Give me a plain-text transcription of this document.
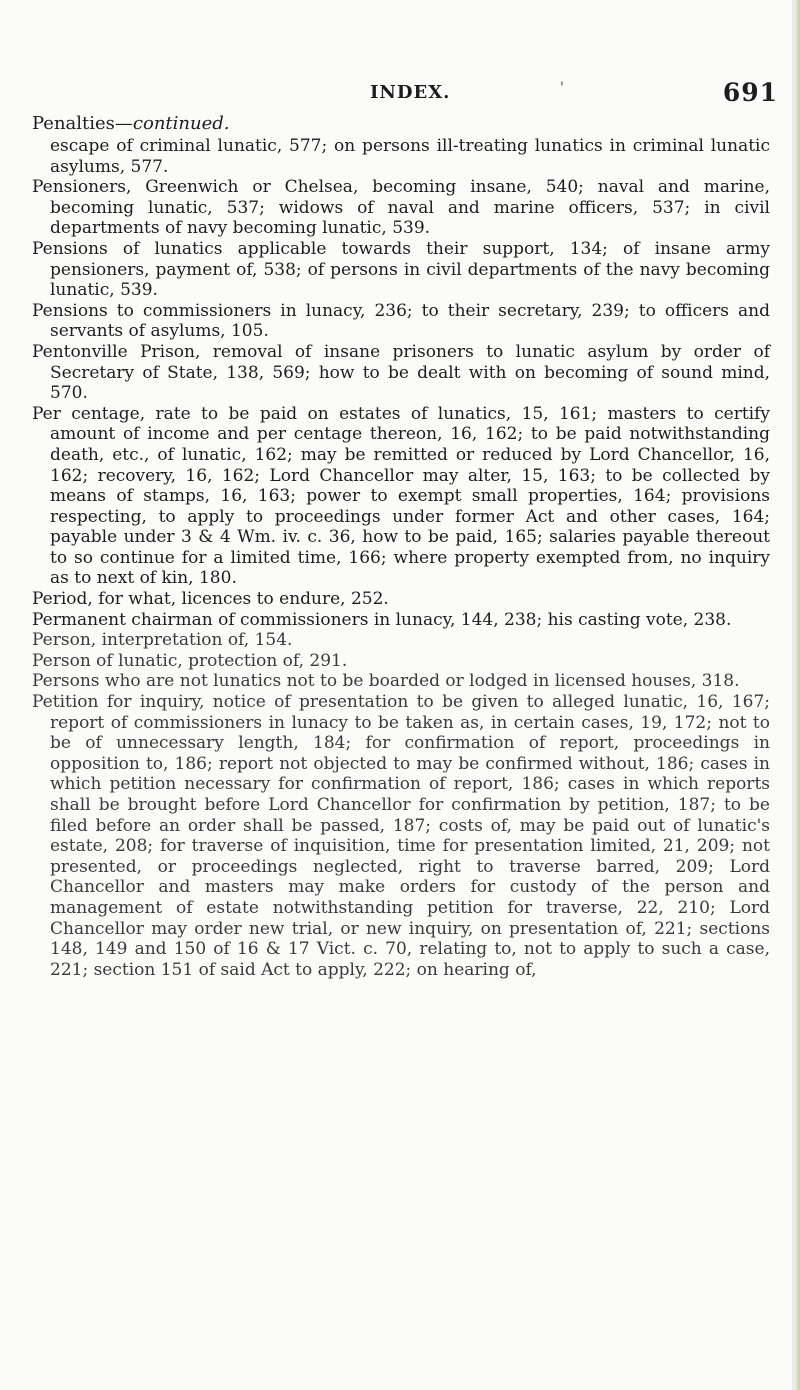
INDEX.	'	691

Penalties—continued.

escape of criminal lunatic, 577; on persons ill-treating lunatics in criminal lunatic asylums, 577.

Pensioners, Greenwich or Chelsea, becoming insane, 540; naval and marine, becoming lunatic, 537; widows of naval and marine officers, 537; in civil departments of navy becoming lunatic, 539.

Pensions of lunatics applicable towards their support, 134; of insane army pensioners, payment of, 538; of persons in civil departments of the navy becoming lunatic, 539.

Pensions to commissioners in lunacy, 236; to their secretary, 239; to officers and servants of asylums, 105.

Pentonville Prison, removal of insane prisoners to lunatic asylum by order of Secretary of State, 138, 569; how to be dealt with on becoming of sound mind, 570.

Per centage, rate to be paid on estates of lunatics, 15, 161; masters to certify amount of income and per centage thereon, 16, 162; to be paid notwithstanding death, etc., of lunatic, 162; may be remitted or reduced by Lord Chancellor, 16, 162; recovery, 16, 162; Lord Chancellor may alter, 15, 163; to be collected by means of stamps, 16, 163; power to exempt small properties, 164; provisions respecting, to apply to proceedings under former Act and other cases, 164; payable under 3 & 4 Wm. iv. c. 36, how to be paid, 165; salaries payable thereout to so continue for a limited time, 166; where property exempted from, no inquiry as to next of kin, 180.

Period, for what, licences to endure, 252.

Permanent chairman of commissioners in lunacy, 144, 238; his casting vote, 238.

Person, interpretation of, 154.

Person of lunatic, protection of, 291.

Persons who are not lunatics not to be boarded or lodged in licensed houses, 318.

Petition for inquiry, notice of presentation to be given to alleged lunatic, 16, 167; report of commissioners in lunacy to be taken as, in certain cases, 19, 172; not to be of unnecessary length, 184; for confirmation of report, proceedings in opposition to, 186; report not objected to may be confirmed without, 186; cases in which petition necessary for confirmation of report, 186; cases in which reports shall be brought before Lord Chancellor for confirmation by petition, 187; to be filed before an order shall be passed, 187; costs of, may be paid out of lunatic's estate, 208; for traverse of inquisition, time for presentation limited, 21, 209; not presented, or proceedings neglected, right to traverse barred, 209; Lord Chancellor and masters may make orders for custody of the person and management of estate notwithstanding petition for traverse, 22, 210; Lord Chancellor may order new trial, or new inquiry, on presentation of, 221; sections 148, 149 and 150 of 16 & 17 Vict. c. 70, relating to, not to apply to such a case, 221; section 151 of said Act to apply, 222; on hearing of,
